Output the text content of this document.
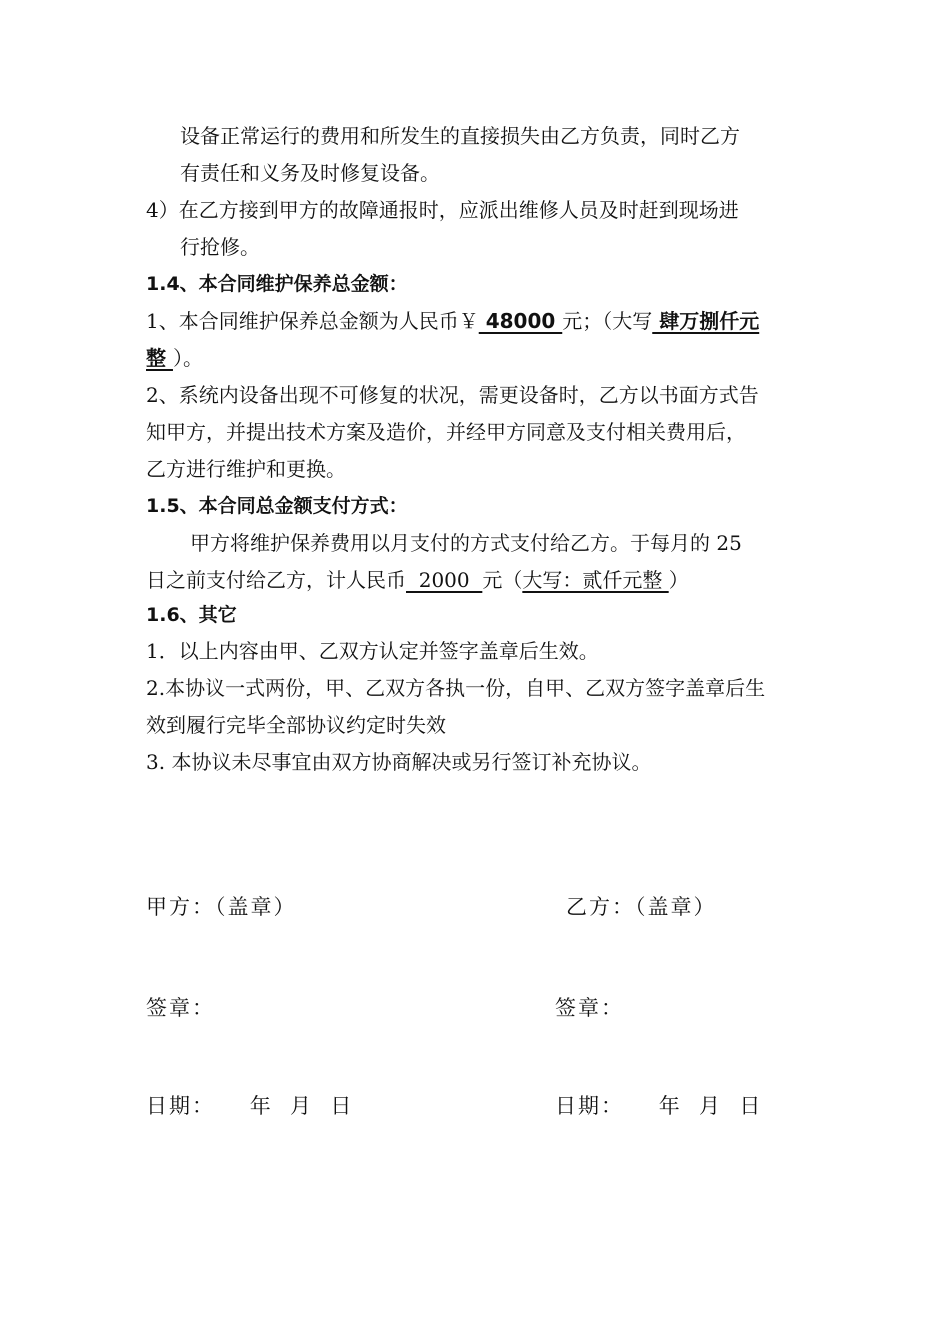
设备正常运行的费用和所发生的直接损失由乙方负责，同时乙方
有责任和义务及时修复设备。
4）在乙方接到甲方的故障通报时，应派出维修人员及时赶到现场进
行抢修。
1.4、本合同维护保养总金额：
1、本合同维护保养总金额为人民币￥ 48000 元；（大写 肆万捌仟元
整 ）。
2、系统内设备出现不可修复的状况，需更设备时，乙方以书面方式告
知甲方，并提出技术方案及造价，并经甲方同意及支付相关费用后，
乙方进行维护和更换。
1.5、本合同总金额支付方式：
甲方将维护保养费用以月支付的方式支付给乙方。于每月的 25
日之前支付给乙方，计人民币  2000  元（大写：贰仟元整 ）
1.6、其它
1．以上内容由甲、乙双方认定并签字盖章后生效。
2.本协议一式两份，甲、乙双方各执一份，自甲、乙双方签字盖章后生
效到履行完毕全部协议约定时失效
3. 本协议未尽事宜由双方协商解决或另行签订补充协议。
甲方：（盖章）	乙方：（盖章）
签章：	签章：
日期：    年  月  日	日期：    年  月  日
